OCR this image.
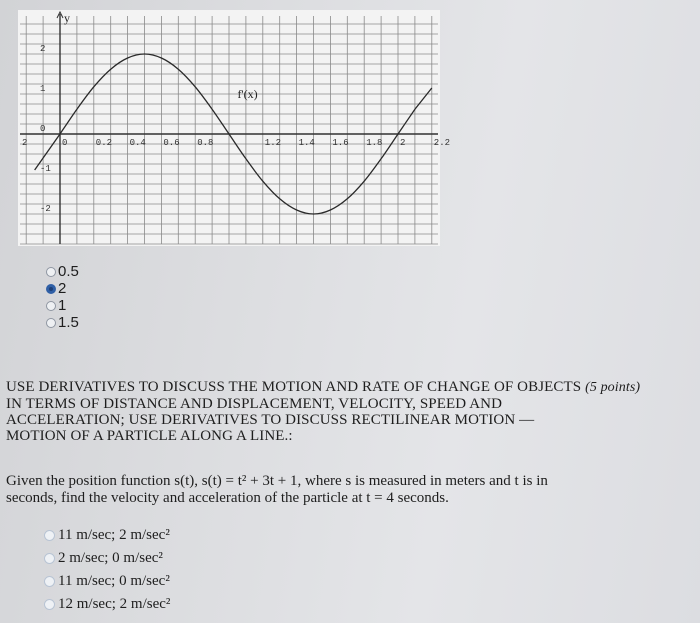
0	0.2 0.4 0.6 0.8	1.2 1.4 1.6 1.8 2	2.2
2
2
1
0
-1
-2
y
f'(x)
0.5
2
1
1.5
USE DERIVATIVES TO DISCUSS THE MOTION AND RATE OF CHANGE OF OBJECTS (5 points)
IN TERMS OF DISTANCE AND DISPLACEMENT, VELOCITY, SPEED AND
ACCELERATION; USE DERIVATIVES TO DISCUSS RECTILINEAR MOTION —
MOTION OF A PARTICLE ALONG A LINE.:
Given the position function s(t), s(t) = t² + 3t + 1, where s is measured in meters and t is in
seconds, find the velocity and acceleration of the particle at t = 4 seconds.
11 m/sec; 2 m/sec²
2 m/sec; 0 m/sec²
11 m/sec; 0 m/sec²
12 m/sec; 2 m/sec²
